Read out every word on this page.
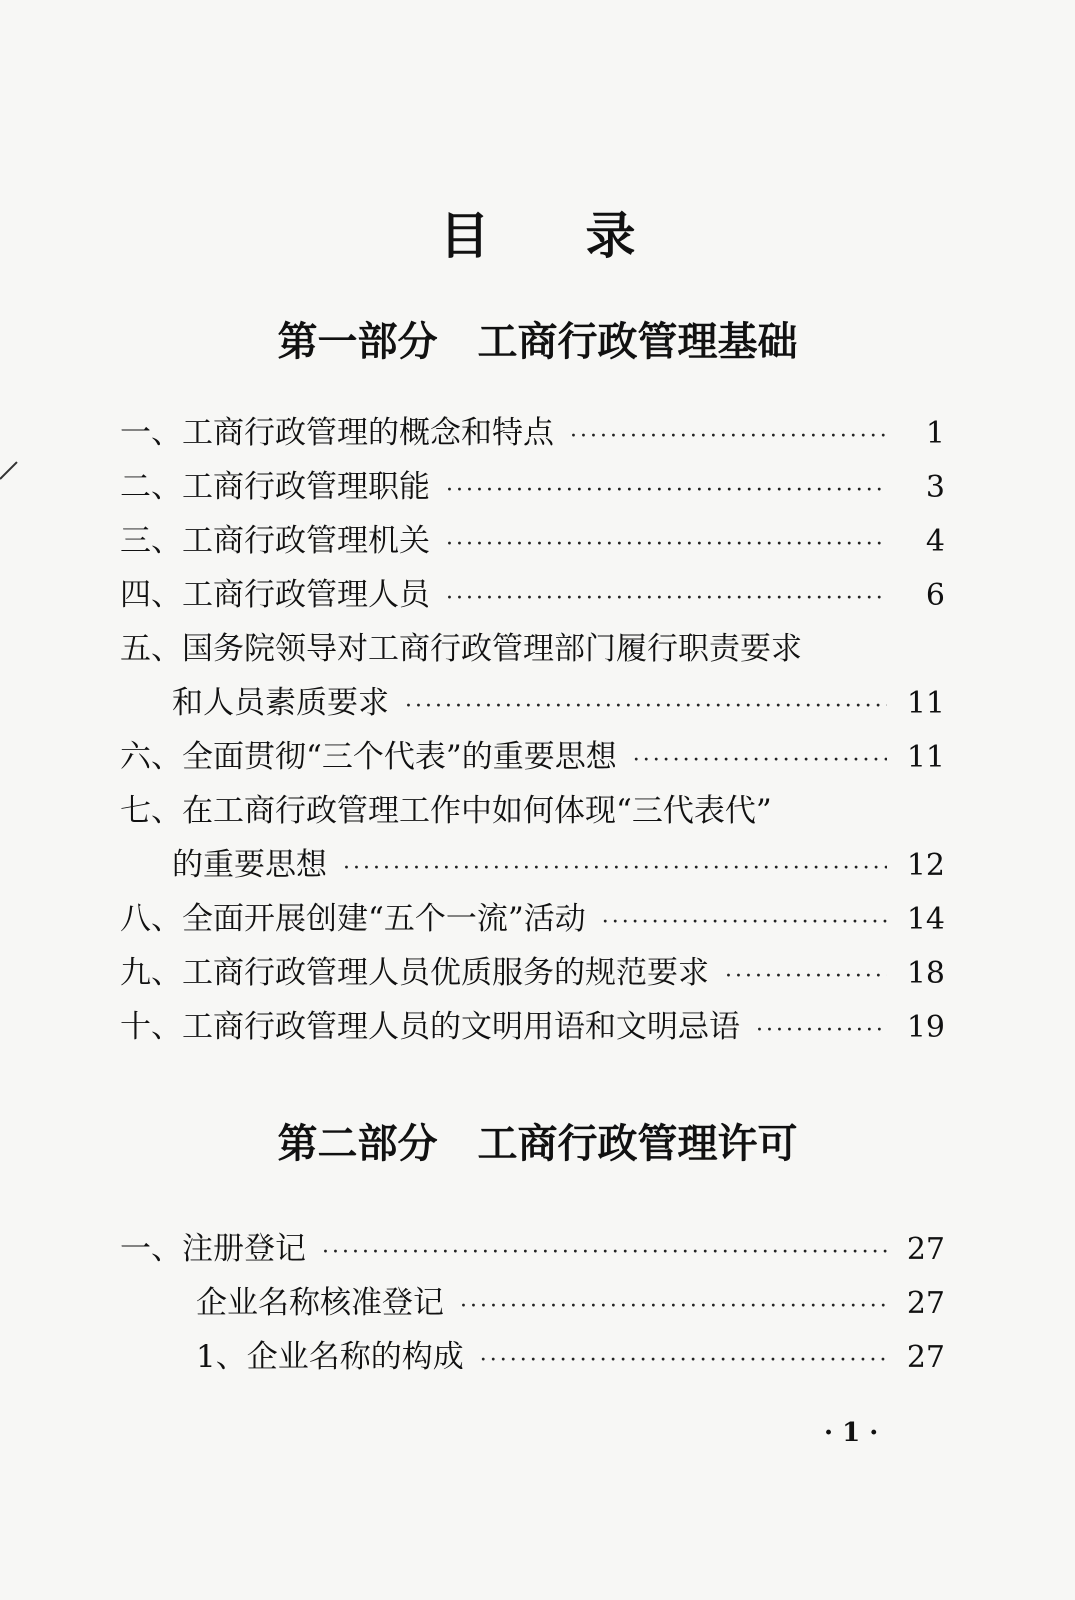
目录
第一部分　工商行政管理基础
一、工商行政管理的概念和特点 ·····	1
二、工商行政管理职能 ·····	3
三、工商行政管理机关 ·····	4
四、工商行政管理人员 ·····	6
五、国务院领导对工商行政管理部门履行职责要求
和人员素质要求 ·····	11
六、全面贯彻“三个代表”的重要思想 ·····	11
七、在工商行政管理工作中如何体现“三代表代”
的重要思想 ·····	12
八、全面开展创建“五个一流”活动 ·····	14
九、工商行政管理人员优质服务的规范要求 ·····	18
十、工商行政管理人员的文明用语和文明忌语 ·····	19
第二部分　工商行政管理许可
一、注册登记 ·····	27
企业名称核准登记 ·····	27
1、企业名称的构成 ·····	27
· 1 ·
